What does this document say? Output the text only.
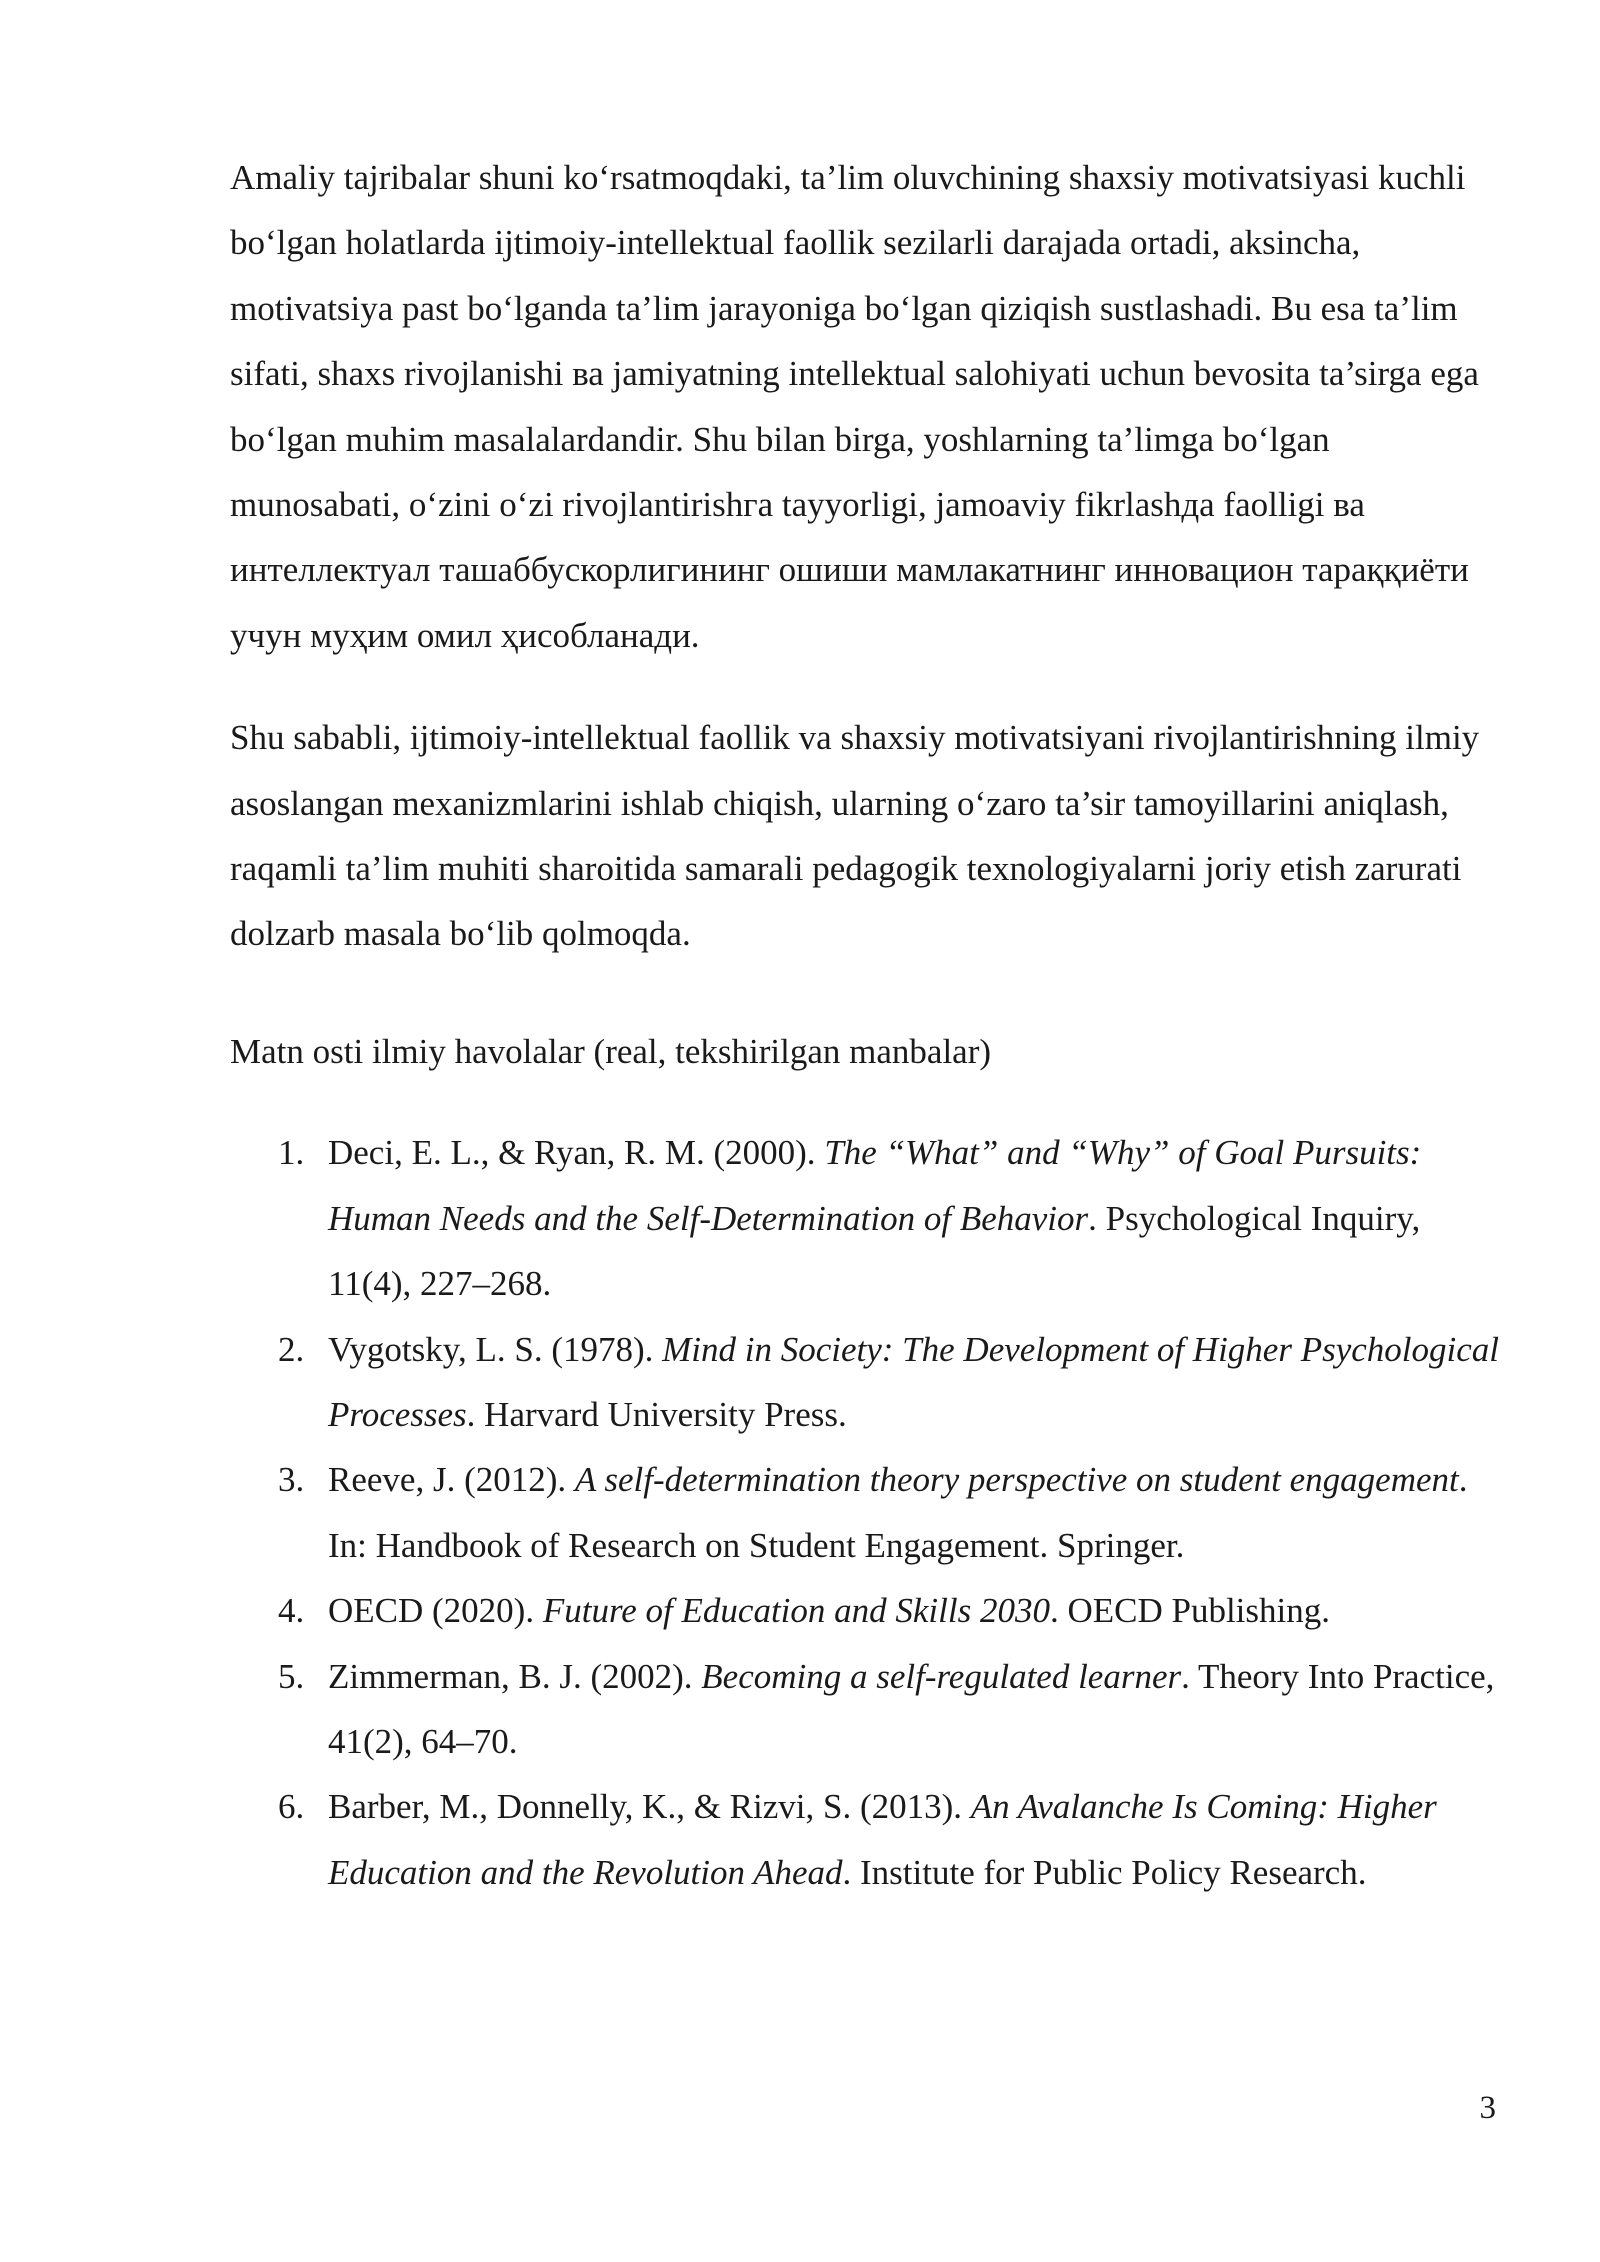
Amaliy tajribalar shuni ko‘rsatmoqdaki, ta’lim oluvchining shaxsiy motivatsiyasi kuchli bo‘lgan holatlarda ijtimoiy-intellektual faollik sezilarli darajada ortadi, aksincha, motivatsiya past bo‘lganda ta’lim jarayoniga bo‘lgan qiziqish sustlashadi. Bu esa ta’lim sifati, shaxs rivojlanishi ва jamiyatning intellektual salohiyati uchun bevosita ta’sirga ega bo‘lgan muhim masalalardandir. Shu bilan birga, yoshlarning ta’limga bo‘lgan munosabati, o‘zini o‘zi rivojlantirishга tayyorligi, jamoaviy fikrlashда faolligi ва интеллектуал ташаббускорлигининг ошиши мамлакатнинг инновацион тараққиёти учун муҳим омил ҳисобланади.

Shu sababli, ijtimoiy-intellektual faollik va shaxsiy motivatsiyani rivojlantirishning ilmiy asoslangan mexanizmlarini ishlab chiqish, ularning o‘zaro ta’sir tamoyillarini aniqlash, raqamli ta’lim muhiti sharoitida samarali pedagogik texnologiyalarni joriy etish zarurati dolzarb masala bo‘lib qolmoqda.

Matn osti ilmiy havolalar (real, tekshirilgan manbalar)

1. Deci, E. L., & Ryan, R. M. (2000). The “What” and “Why” of Goal Pursuits: Human Needs and the Self-Determination of Behavior. Psychological Inquiry, 11(4), 227–268.
2. Vygotsky, L. S. (1978). Mind in Society: The Development of Higher Psychological Processes. Harvard University Press.
3. Reeve, J. (2012). A self-determination theory perspective on student engagement. In: Handbook of Research on Student Engagement. Springer.
4. OECD (2020). Future of Education and Skills 2030. OECD Publishing.
5. Zimmerman, B. J. (2002). Becoming a self-regulated learner. Theory Into Practice, 41(2), 64–70.
6. Barber, M., Donnelly, K., & Rizvi, S. (2013). An Avalanche Is Coming: Higher Education and the Revolution Ahead. Institute for Public Policy Research.
3
